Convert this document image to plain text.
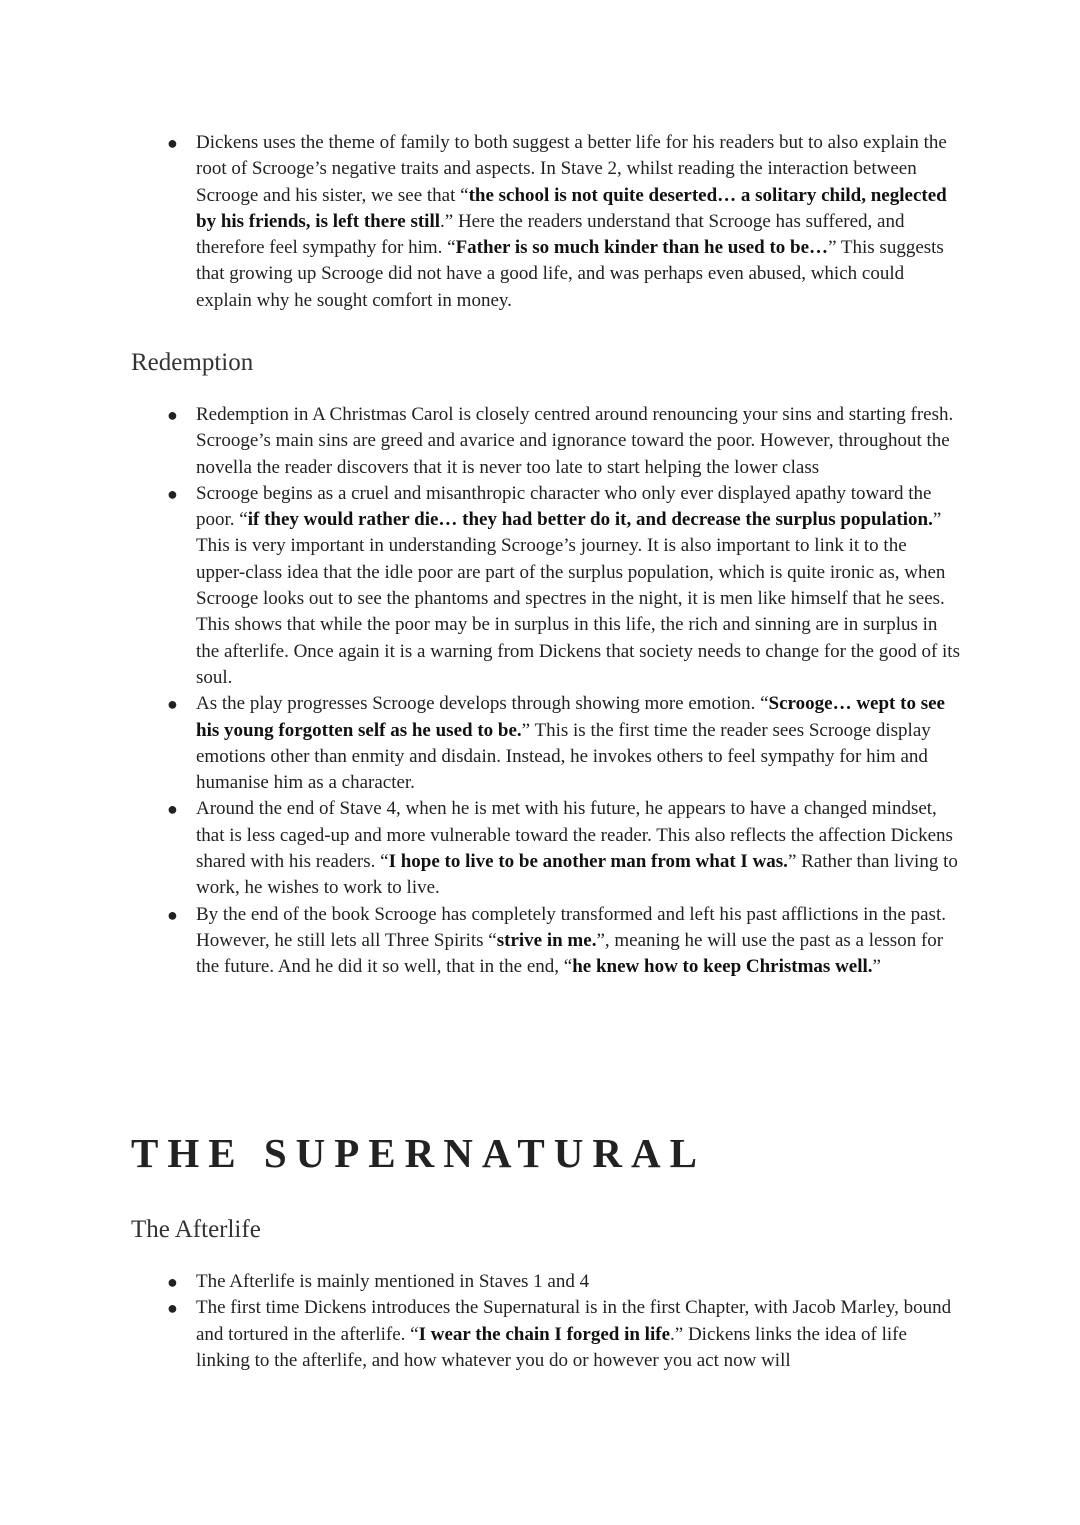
● Dickens uses the theme of family to both suggest a better life for his readers but to also explain the root of Scrooge’s negative traits and aspects. In Stave 2, whilst reading the interaction between Scrooge and his sister, we see that “the school is not quite deserted… a solitary child, neglected by his friends, is left there still.” Here the readers understand that Scrooge has suffered, and therefore feel sympathy for him. “Father is so much kinder than he used to be…” This suggests that growing up Scrooge did not have a good life, and was perhaps even abused, which could explain why he sought comfort in money.
Redemption
● Redemption in A Christmas Carol is closely centred around renouncing your sins and starting fresh. Scrooge’s main sins are greed and avarice and ignorance toward the poor. However, throughout the novella the reader discovers that it is never too late to start helping the lower class
● Scrooge begins as a cruel and misanthropic character who only ever displayed apathy toward the poor. “if they would rather die… they had better do it, and decrease the surplus population.” This is very important in understanding Scrooge’s journey. It is also important to link it to the upper-class idea that the idle poor are part of the surplus population, which is quite ironic as, when Scrooge looks out to see the phantoms and spectres in the night, it is men like himself that he sees. This shows that while the poor may be in surplus in this life, the rich and sinning are in surplus in the afterlife. Once again it is a warning from Dickens that society needs to change for the good of its soul.
● As the play progresses Scrooge develops through showing more emotion. “Scrooge… wept to see his young forgotten self as he used to be.” This is the first time the reader sees Scrooge display emotions other than enmity and disdain. Instead, he invokes others to feel sympathy for him and humanise him as a character.
● Around the end of Stave 4, when he is met with his future, he appears to have a changed mindset, that is less caged-up and more vulnerable toward the reader. This also reflects the affection Dickens shared with his readers. “I hope to live to be another man from what I was.” Rather than living to work, he wishes to work to live.
● By the end of the book Scrooge has completely transformed and left his past afflictions in the past. However, he still lets all Three Spirits “strive in me.”, meaning he will use the past as a lesson for the future. And he did it so well, that in the end, “he knew how to keep Christmas well.”
THE SUPERNATURAL
The Afterlife
● The Afterlife is mainly mentioned in Staves 1 and 4
● The first time Dickens introduces the Supernatural is in the first Chapter, with Jacob Marley, bound and tortured in the afterlife. “I wear the chain I forged in life.” Dickens links the idea of life linking to the afterlife, and how whatever you do or however you act now will
